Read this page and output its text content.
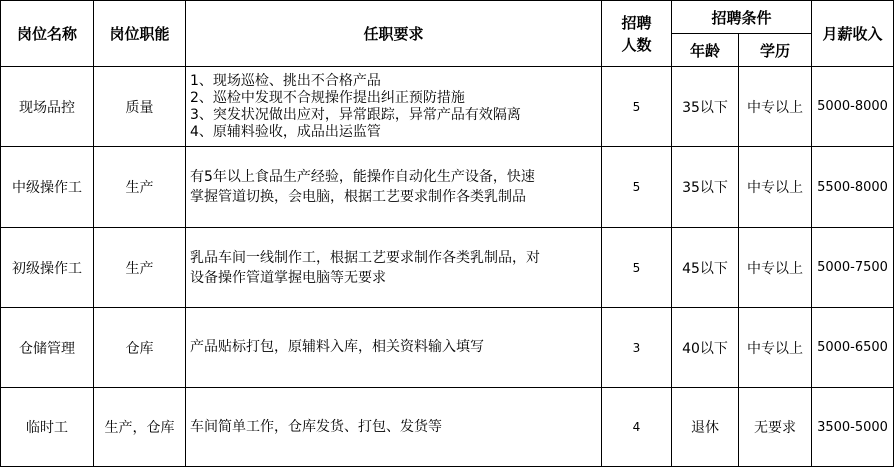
岗位名称	岗位职能	任职要求	招聘人数	招聘条件		月薪收入
				年龄	学历	
现场品控	质量	1、现场巡检、挑出不合格产品
2、巡检中发现不合规操作提出纠正预防措施
3、突发状况做出应对，异常跟踪，异常产品有效隔离
4、原辅料验收，成品出运监管	5	35以下	中专以上	5000-8000
中级操作工	生产	有5年以上食品生产经验，能操作自动化生产设备，快速
掌握管道切换，会电脑，根据工艺要求制作各类乳制品	5	35以下	中专以上	5500-8000
初级操作工	生产	乳品车间一线制作工，根据工艺要求制作各类乳制品，对
设备操作管道掌握电脑等无要求	5	45以下	中专以上	5000-7500
仓储管理	仓库	产品贴标打包，原辅料入库，相关资料输入填写	3	40以下	中专以上	5000-6500
临时工	生产，仓库	车间简单工作，仓库发货、打包、发货等	4	退休	无要求	3500-5000
